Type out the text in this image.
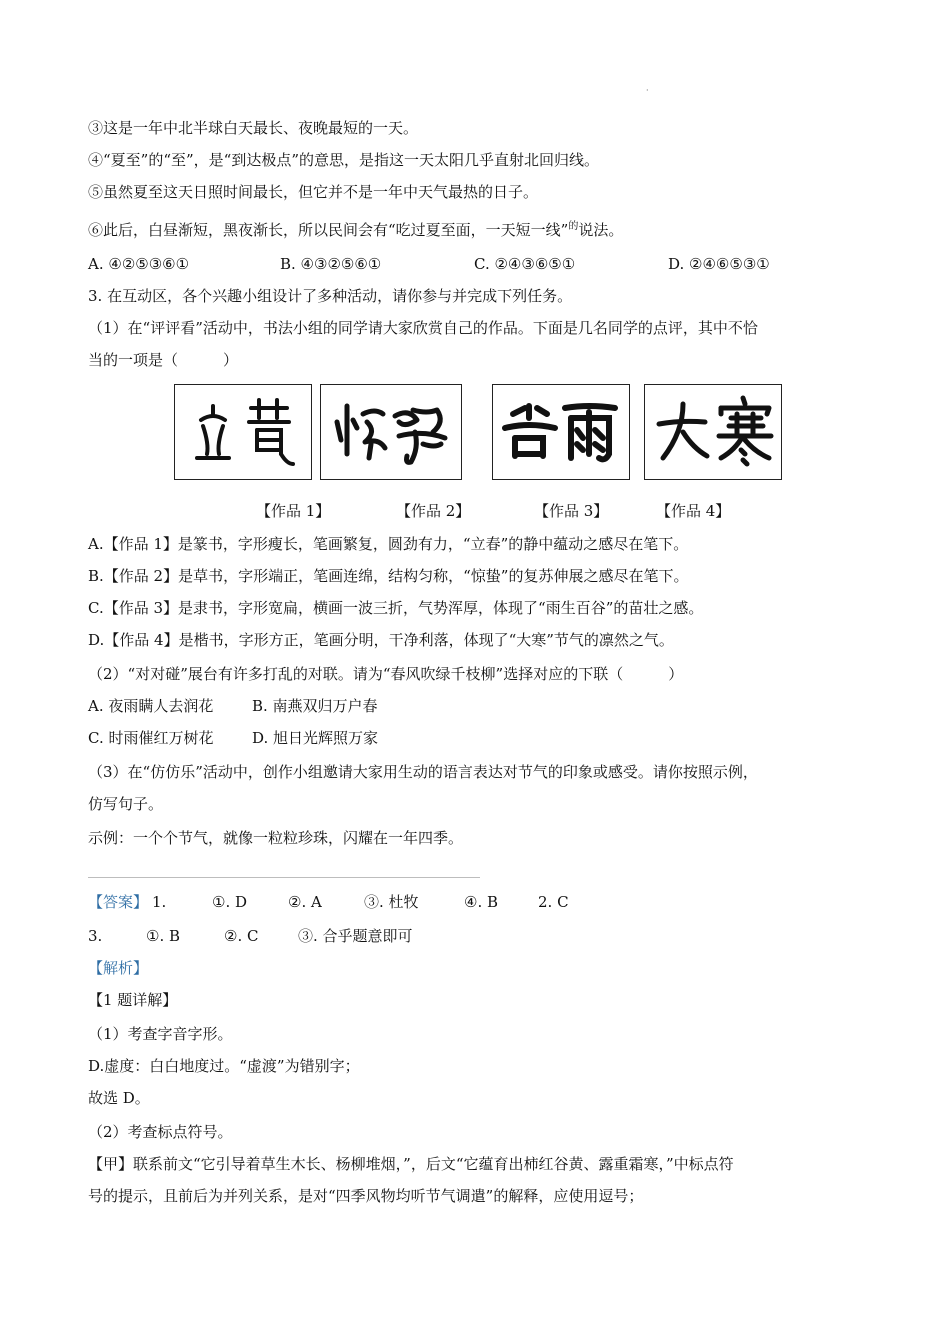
·
③这是一年中北半球白天最长、夜晚最短的一天。
④“夏至”的“至”，是“到达极点”的意思，是指这一天太阳几乎直射北回归线。
⑤虽然夏至这天日照时间最长，但它并不是一年中天气最热的日子。
⑥此后，白昼渐短，黑夜渐长，所以民间会有“吃过夏至面，一天短一线”$^的$说法。
A. ④②⑤③⑥①	B. ④③②⑤⑥①	C. ②④③⑥⑤①	D. ②④⑥⑤③①
3. 在互动区，各个兴趣小组设计了多种活动，请你参与并完成下列任务。
（1）在“评评看”活动中，书法小组的同学请大家欣赏自己的作品。下面是几名同学的点评，其中不恰
当的一项是（　　　）
【作品 1】	【作品 2】	【作品 3】	【作品 4】
A.【作品 1】是篆书，字形瘦长，笔画繁复，圆劲有力，“立春”的静中蕴动之感尽在笔下。
B.【作品 2】是草书，字形端正，笔画连绵，结构匀称，“惊蛰”的复苏伸展之感尽在笔下。
C.【作品 3】是隶书，字形宽扁，横画一波三折，气势浑厚，体现了“雨生百谷”的苗壮之感。
D.【作品 4】是楷书，字形方正，笔画分明，干净利落，体现了“大寒”节气的凛然之气。
（2）“对对碰”展台有许多打乱的对联。请为“春风吹绿千枝柳”选择对应的下联（　　　）
A. 夜雨瞒人去润花	B. 南燕双归万户春
C. 时雨催红万树花	D. 旭日光辉照万家
（3）在“仿仿乐”活动中，创作小组邀请大家用生动的语言表达对节气的印象或感受。请你按照示例，
仿写句子。
示例：一个个节气，就像一粒粒珍珠，闪耀在一年四季。
【答案】 1.	①. D	②. A	③. 杜牧	④. B	2. C
3.	①. B	②. C	③. 合乎题意即可
【解析】
【1 题详解】
（1）考查字音字形。
D.虚度：白白地度过。“虚渡”为错别字；
故选 D。
（2）考查标点符号。
【甲】联系前文“它引导着草生木长、杨柳堆烟，”，后文“它蕴育出柿红谷黄、露重霜寒，”中标点符
号的提示，且前后为并列关系，是对“四季风物均听节气调遣”的解释，应使用逗号；
